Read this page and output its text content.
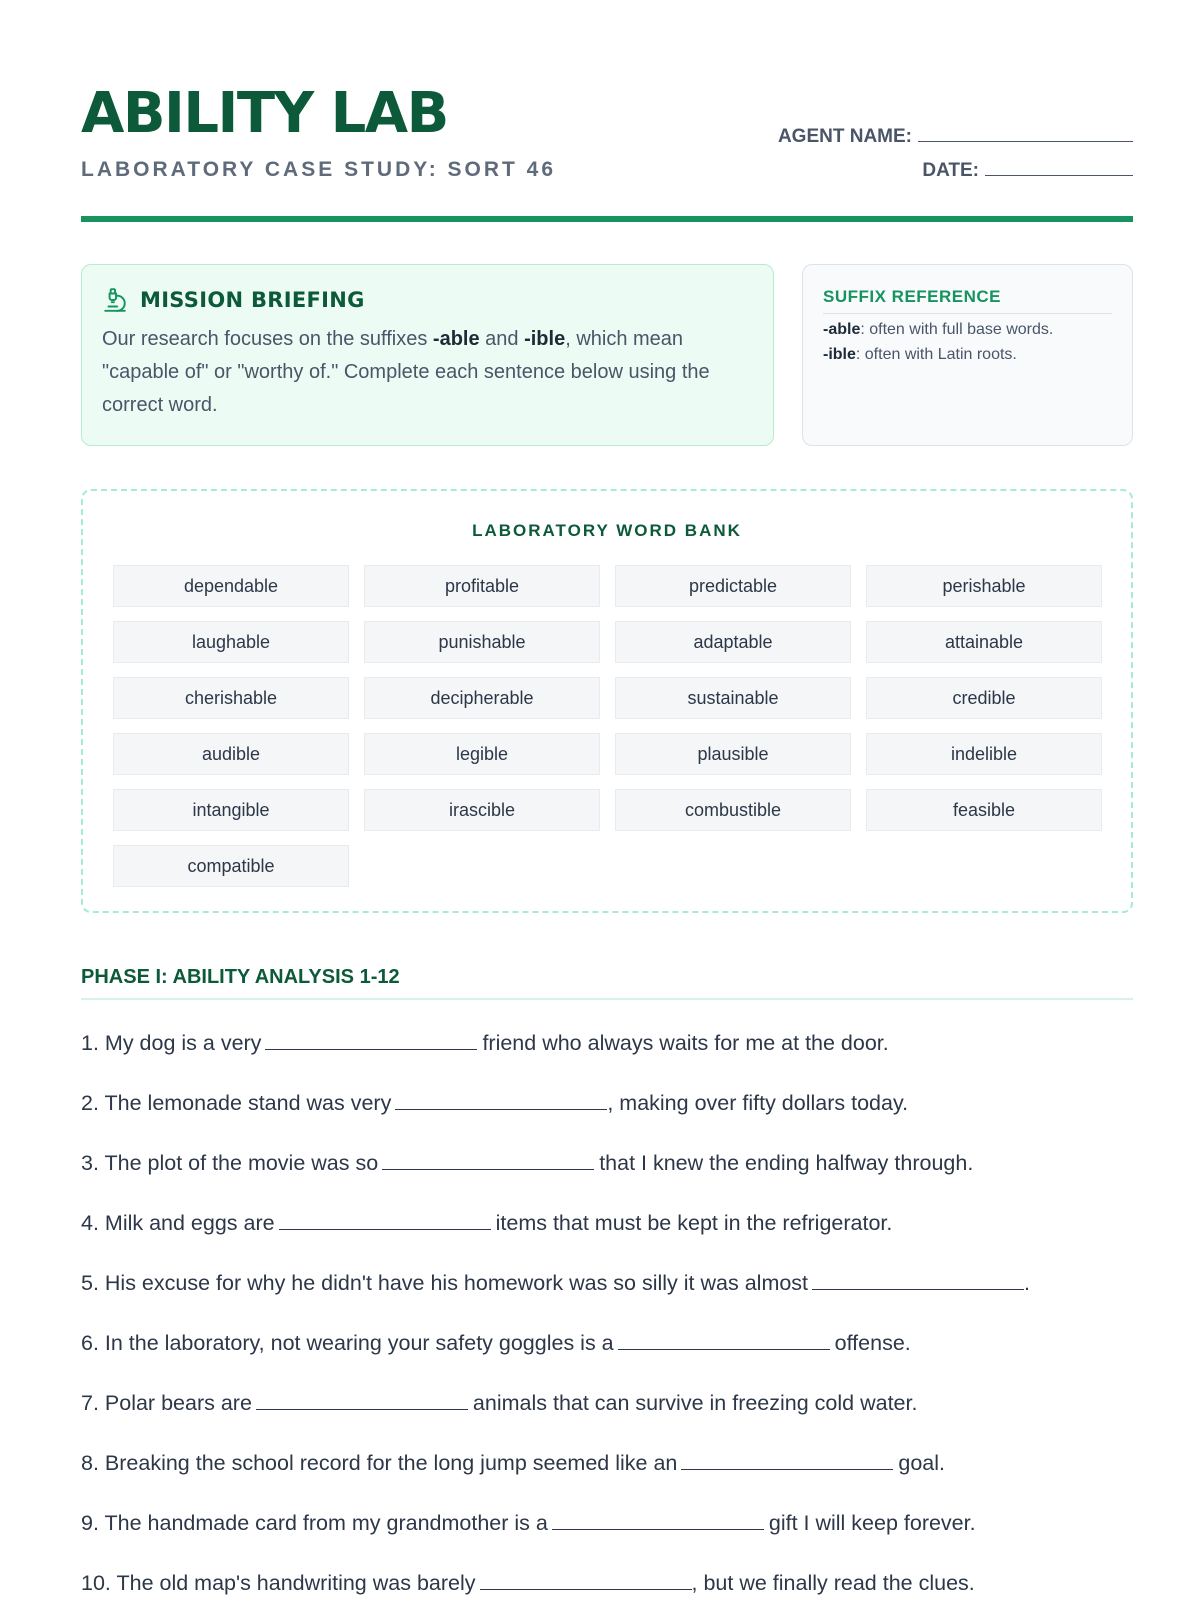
ABILITY LAB
LABORATORY CASE STUDY: SORT 46
AGENT NAME:
DATE:
MISSION BRIEFING
Our research focuses on the suffixes -able and -ible, which mean "capable of" or "worthy of." Complete each sentence below using the correct word.
SUFFIX REFERENCE
-able: often with full base words.
-ible: often with Latin roots.
LABORATORY WORD BANK
dependable	profitable	predictable	perishable
laughable	punishable	adaptable	attainable
cherishable	decipherable	sustainable	credible
audible	legible	plausible	indelible
intangible	irascible	combustible	feasible
compatible
PHASE I: ABILITY ANALYSIS 1-12
1. My dog is a very	friend who always waits for me at the door.
2. The lemonade stand was very	, making over fifty dollars today.
3. The plot of the movie was so	that I knew the ending halfway through.
4. Milk and eggs are	items that must be kept in the refrigerator.
5. His excuse for why he didn't have his homework was so silly it was almost	.
6. In the laboratory, not wearing your safety goggles is a	offense.
7. Polar bears are	animals that can survive in freezing cold water.
8. Breaking the school record for the long jump seemed like an	goal.
9. The handmade card from my grandmother is a	gift I will keep forever.
10. The old map's handwriting was barely	, but we finally read the clues.
